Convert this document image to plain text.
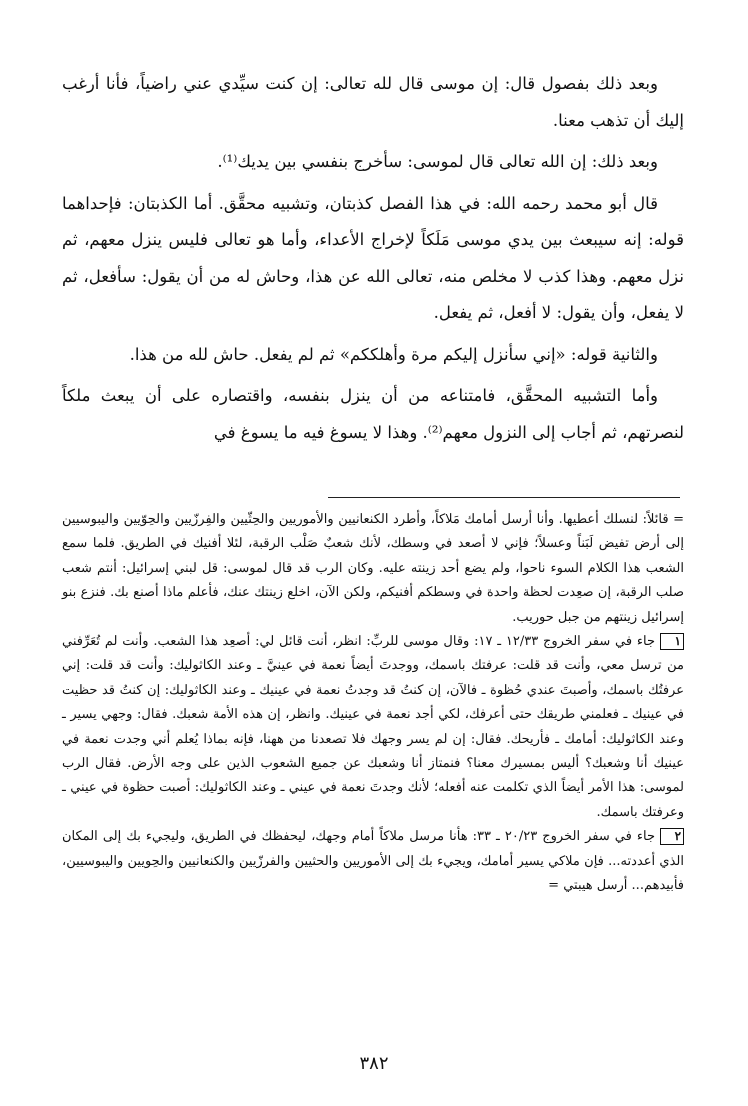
وبعد ذلك بفصول قال: إن موسى قال لله تعالى: إن كنت سيِّدي عني راضياً، فأنا أرغب إليك أن تذهب معنا.

وبعد ذلك: إن الله تعالى قال لموسى: سأخرج بنفسي بين يديك⁽¹⁾.

قال أبو محمد رحمه الله: في هذا الفصل كذبتان، وتشبيه محقَّق. أما الكذبتان: فإحداهما قوله: إنه سيبعث بين يدي موسى مَلَكاً لإخراج الأعداء، وأما هو تعالى فليس ينزل معهم، ثم نزل معهم. وهذا كذب لا مخلص منه، تعالى الله عن هذا، وحاش له من أن يقول: سأفعل، ثم لا يفعل، وأن يقول: لا أفعل، ثم يفعل.

والثانية قوله: «إني سأنزل إليكم مرة وأهلككم» ثم لم يفعل. حاش لله من هذا.

وأما التشبيه المحقَّق، فامتناعه من أن ينزل بنفسه، واقتصاره على أن يبعث ملكاً لنصرتهم، ثم أجاب إلى النزول معهم⁽²⁾. وهذا لا يسوغ فيه ما يسوغ في

= قائلاً: لنسلك أعطيها. وأنا أرسل أمامك مَلاكاً، وأطرد الكنعانيين والأموريين والحِثّيين والفِرزّيين والحِوّيين واليبوسيين إلى أرض تفيض لَبَناً وعسلاً؛ فإني لا أصعد في وسطك، لأنك شعبٌ صَلْب الرقبة، لئلا أفنيك في الطريق. فلما سمع الشعب هذا الكلام السوء ناحوا، ولم يضع أحد زينته عليه. وكان الرب قد قال لموسى: قل لبني إسرائيل: أنتم شعب صلب الرقبة، إن صعِدت لحظة واحدة في وسطكم أفنيكم، ولكن الآن، اخلع زينتك عنك، فأعلم ماذا أصنع بك. فنزع بنو إسرائيل زينتهم من جبل حوريب.

١جاء في سفر الخروج ١٢/٣٣ ـ ١٧: وقال موسى للربِّ: انظر، أنت قائل لي: أصعِد هذا الشعب. وأنت لم تُعَرِّفني من ترسل معي، وأنت قد قلت: عرفتك باسمك، ووجدتَ أيضاً نعمة في عينيَّ ـ وعند الكاثوليك: وأنت قد قلت: إني عرفتُك باسمك، وأصبتَ عندي حُظوة ـ فالآن، إن كنتُ قد وجدتُ نعمة في عينيك ـ وعند الكاثوليك: إن كنتُ قد حظيت في عينيك ـ فعلمني طريقك حتى أعرفك، لكي أجد نعمة في عينيك. وانظر، إن هذه الأمة شعبك. فقال: وجهي يسير ـ وعند الكاثوليك: أمامك ـ فأريحك. فقال: إن لم يسر وجهك فلا تصعدنا من ههنا، فإنه بماذا يُعلم أني وجدت نعمة في عينيك أنا وشعبك؟ أليس بمسيرك معنا؟ فنمتاز أنا وشعبك عن جميع الشعوب الذين على وجه الأرض. فقال الرب لموسى: هذا الأمر أيضاً الذي تكلمت عنه أفعله؛ لأنك وجدتَ نعمة في عيني ـ وعند الكاثوليك: أصبت حظوة في عيني ـ وعرفتك باسمك.

٢جاء في سفر الخروج ٢٠/٢٣ ـ ٣٣: هأنا مرسل ملاكاً أمام وجهك، ليحفظك في الطريق، وليجيء بك إلى المكان الذي أعددته... فإن ملاكي يسير أمامك، ويجيء بك إلى الأموريين والحثيين والفرزّيين والكنعانيين والحِويين واليبوسيين، فأبيدهم... أرسل هيبتي =

٣٨٢
